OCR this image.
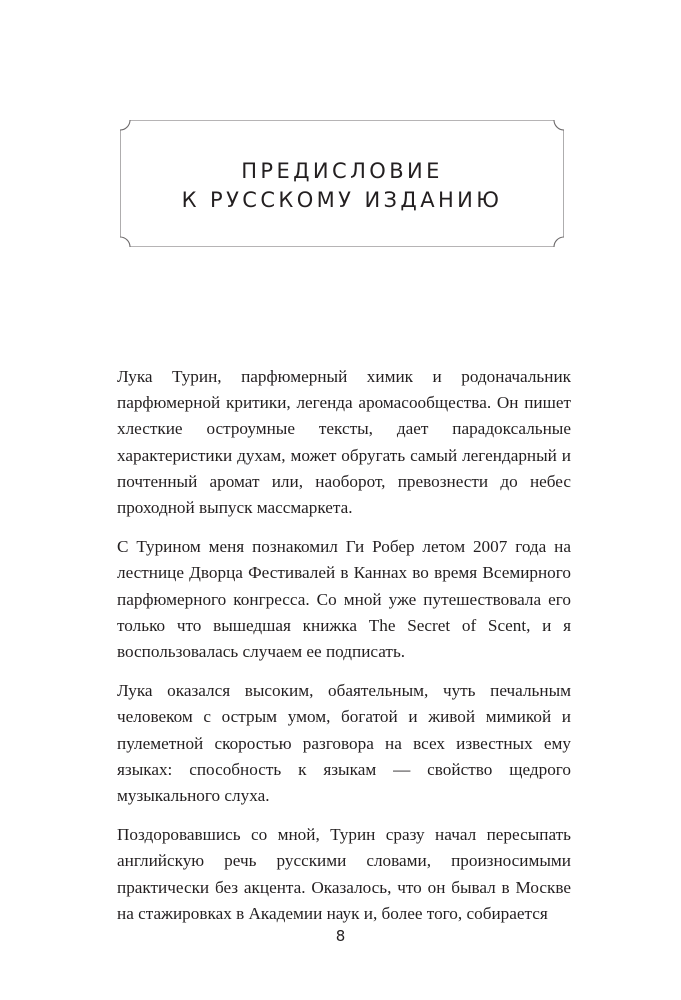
ПРЕДИСЛОВИЕ
К РУССКОМУ ИЗДАНИЮ

Лука Турин, парфюмерный химик и родоначальник парфюмерной критики, легенда аромасообщества. Он пишет хлесткие остроумные тексты, дает парадоксальные характеристики духам, может обругать самый легендарный и почтенный аромат или, наоборот, превознести до небес проходной выпуск массмаркета.

С Турином меня познакомил Ги Робер летом 2007 года на лестнице Дворца Фестивалей в Каннах во время Всемирного парфюмерного конгресса. Со мной уже путешествовала его только что вышедшая книжка The Secret of Scent, и я воспользовалась случаем ее подписать.

Лука оказался высоким, обаятельным, чуть печальным человеком с острым умом, богатой и живой мимикой и пулеметной скоростью разговора на всех известных ему языках: способность к языкам — свойство щедрого музыкального слуха.

Поздоровавшись со мной, Турин сразу начал пересыпать английскую речь русскими словами, произносимыми практически без акцента. Оказалось, что он бывал в Москве на стажировках в Академии наук и, более того, собирается

8
